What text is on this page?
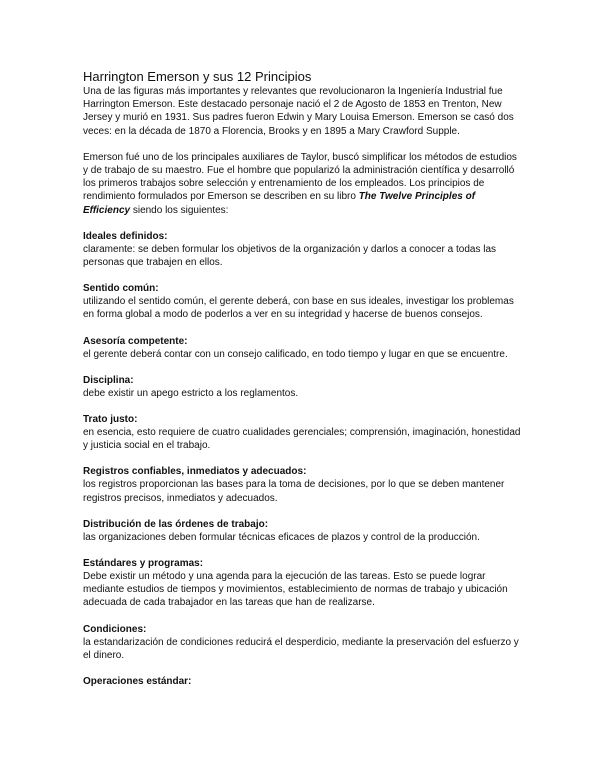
Harrington Emerson y sus 12 Principios

Una de las figuras más importantes y relevantes que revolucionaron la Ingeniería Industrial fue Harrington Emerson. Este destacado personaje nació el 2 de Agosto de 1853 en Trenton, New Jersey y murió en 1931. Sus padres fueron Edwin y Mary Louisa Emerson. Emerson se casó dos veces: en la década de 1870 a Florencia, Brooks y en 1895 a Mary Crawford Supple.

Emerson fué uno de los principales auxiliares de Taylor, buscó simplificar los métodos de estudios y de trabajo de su maestro. Fue el hombre que popularizó la administración científica y desarrolló los primeros trabajos sobre selección y entrenamiento de los empleados. Los principios de rendimiento formulados por Emerson se describen en su libro The Twelve Principles of Efficiency siendo los siguientes:

Ideales definidos:

claramente: se deben formular los objetivos de la organización y darlos a conocer a todas las personas que trabajen en ellos.

Sentido común:

utilizando el sentido común, el gerente deberá, con base en sus ideales, investigar los problemas en forma global a modo de poderlos a ver en su integridad y hacerse de buenos consejos.

Asesoría competente:

el gerente deberá contar con un consejo calificado, en todo tiempo y lugar en que se encuentre.

Disciplina:

debe existir un apego estricto a los reglamentos.

Trato justo:

en esencia, esto requiere de cuatro cualidades gerenciales; comprensión, imaginación, honestidad y justicia social en el trabajo.

Registros confiables, inmediatos y adecuados:

los registros proporcionan las bases para la toma de decisiones, por lo que se deben mantener registros precisos, inmediatos y adecuados.

Distribución de las órdenes de trabajo:

las organizaciones deben formular técnicas eficaces de plazos y control de la producción.

Estándares y programas:

Debe existir un método y una agenda para la ejecución de las tareas. Esto se puede lograr mediante estudios de tiempos y movimientos, establecimiento de normas de trabajo y ubicación adecuada de cada trabajador en las tareas que han de realizarse.

Condiciones:

la estandarización de condiciones reducirá el desperdicio, mediante la preservación del esfuerzo y el dinero.

Operaciones estándar:
